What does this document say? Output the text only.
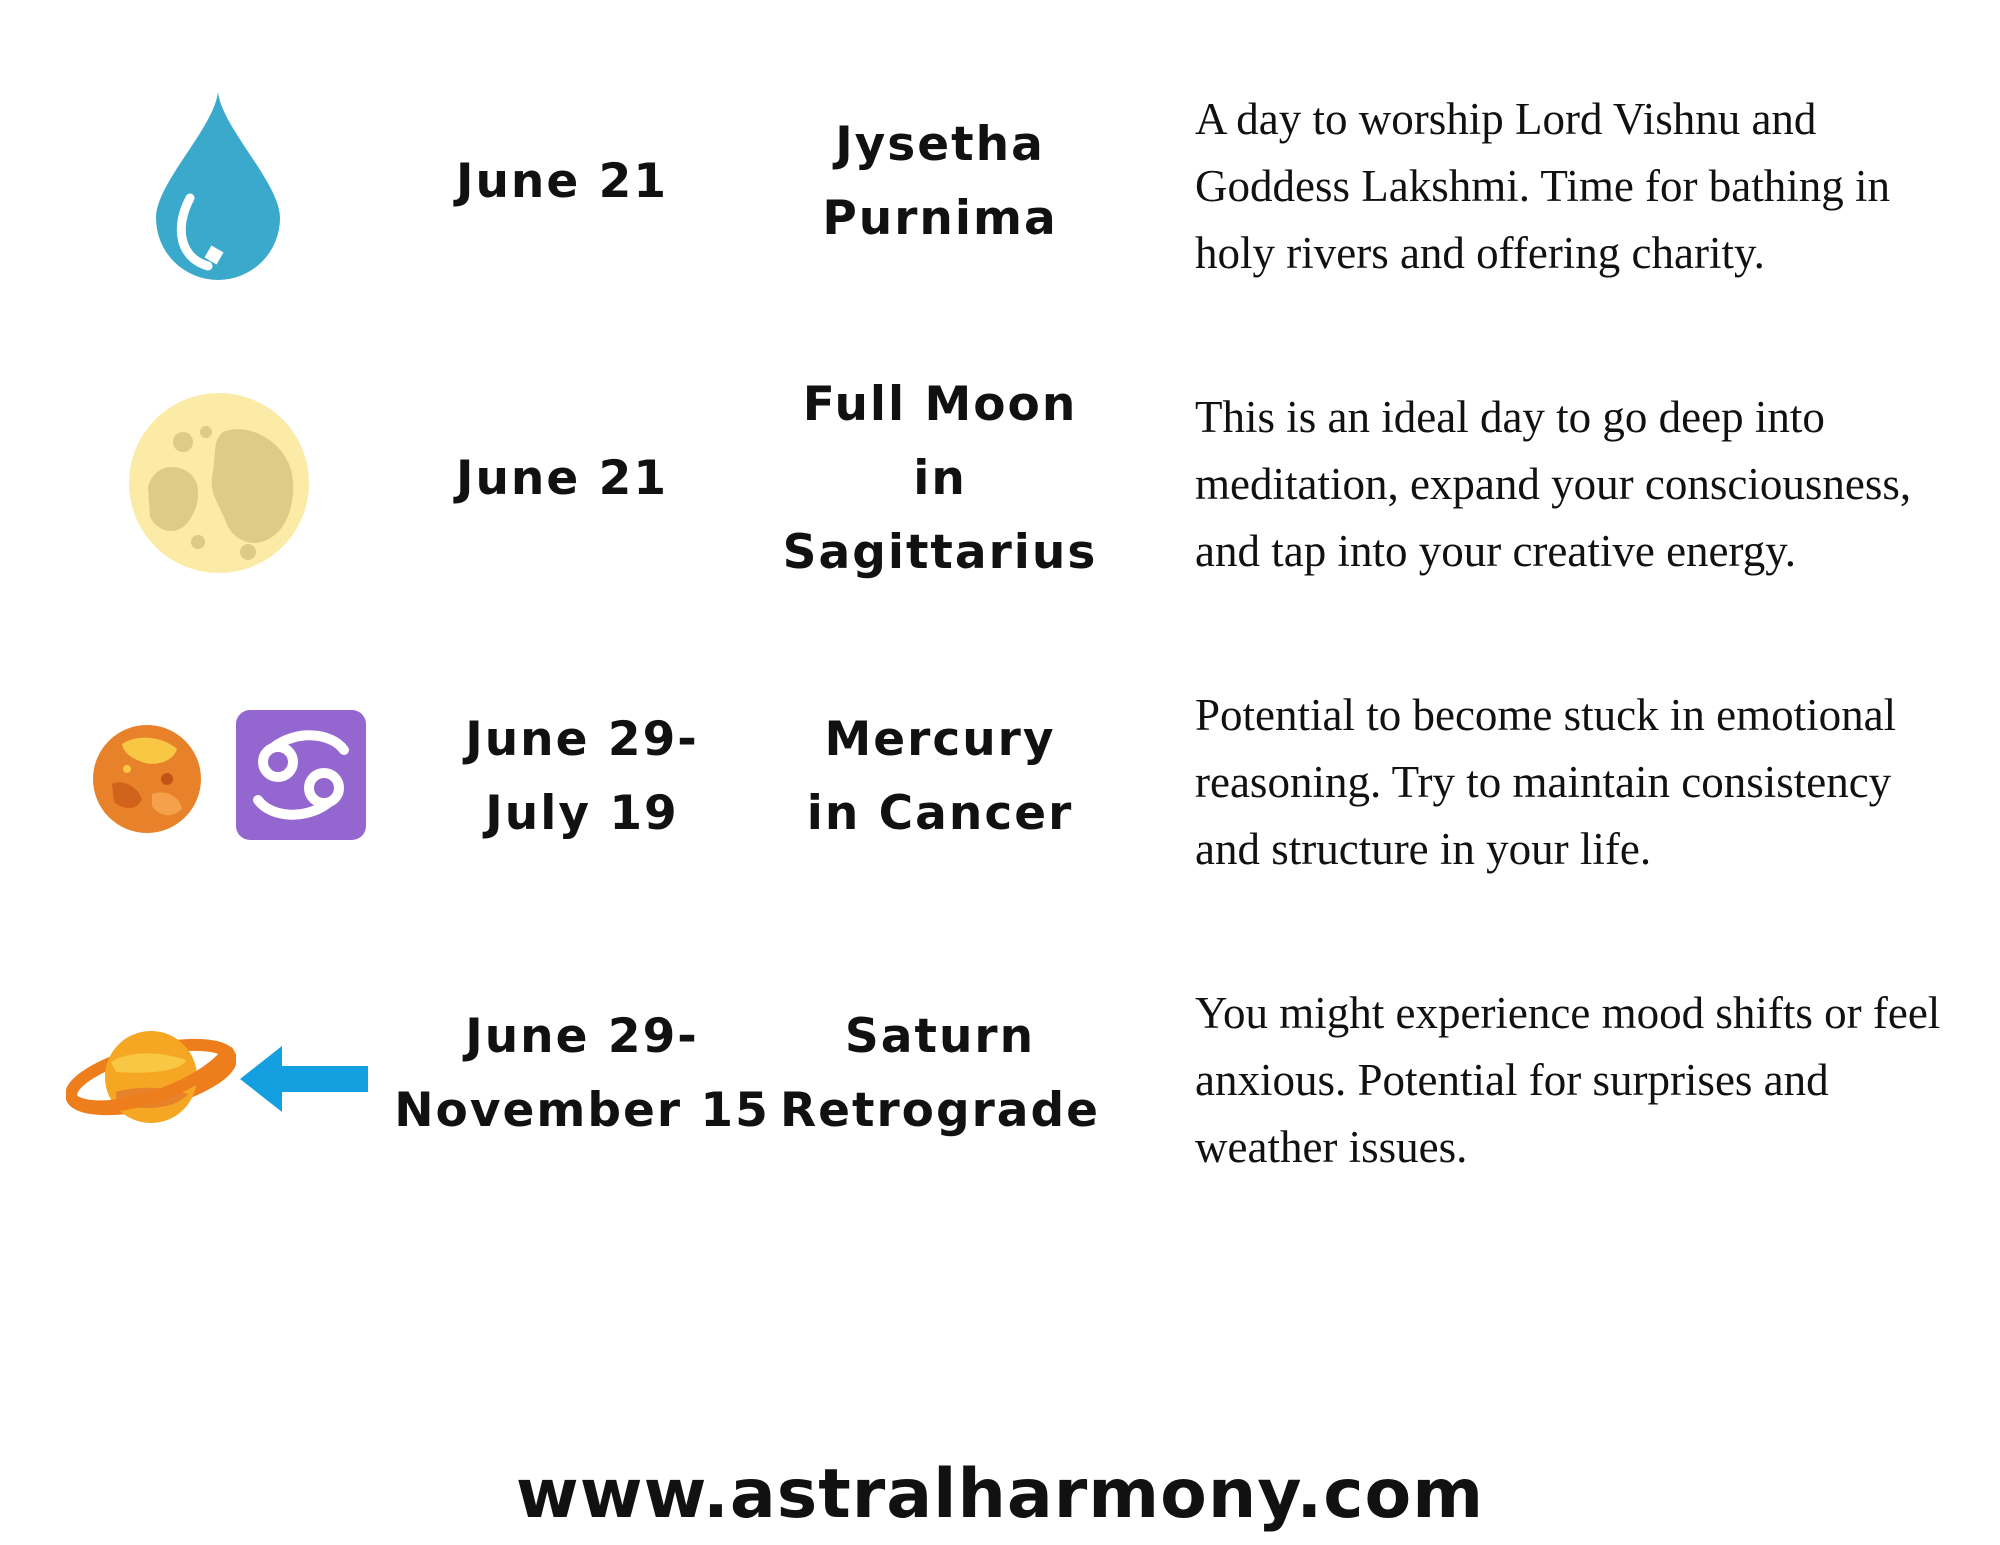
June 21
Jysetha
Purnima
A day to worship Lord Vishnu and
Goddess Lakshmi. Time for bathing in
holy rivers and offering charity.
June 21
Full Moon
in
Sagittarius
This is an ideal day to go deep into
meditation, expand your consciousness,
and tap into your creative energy.
June 29-
July 19
Mercury
in Cancer
Potential to become stuck in emotional
reasoning. Try to maintain consistency
and structure in your life.
June 29-
November 15
Saturn
Retrograde
You might experience mood shifts or feel
anxious. Potential for surprises and
weather issues.
www.astralharmony.com
